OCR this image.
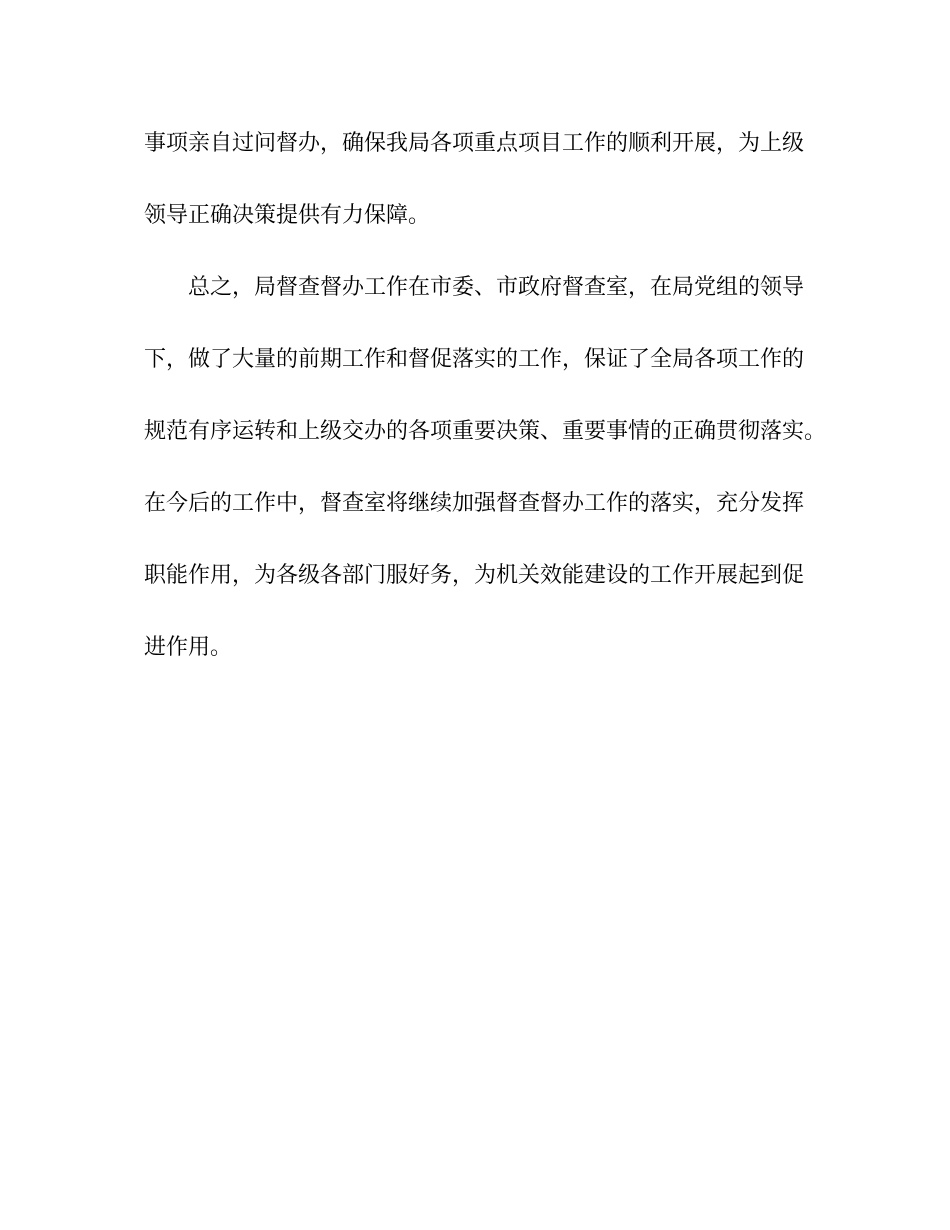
事项亲自过问督办，确保我局各项重点项目工作的顺利开展，为上级
领导正确决策提供有力保障。
总之，局督查督办工作在市委、市政府督查室，在局党组的领导
下，做了大量的前期工作和督促落实的工作，保证了全局各项工作的
规范有序运转和上级交办的各项重要决策、重要事情的正确贯彻落实。
在今后的工作中，督查室将继续加强督查督办工作的落实，充分发挥
职能作用，为各级各部门服好务，为机关效能建设的工作开展起到促
进作用。
